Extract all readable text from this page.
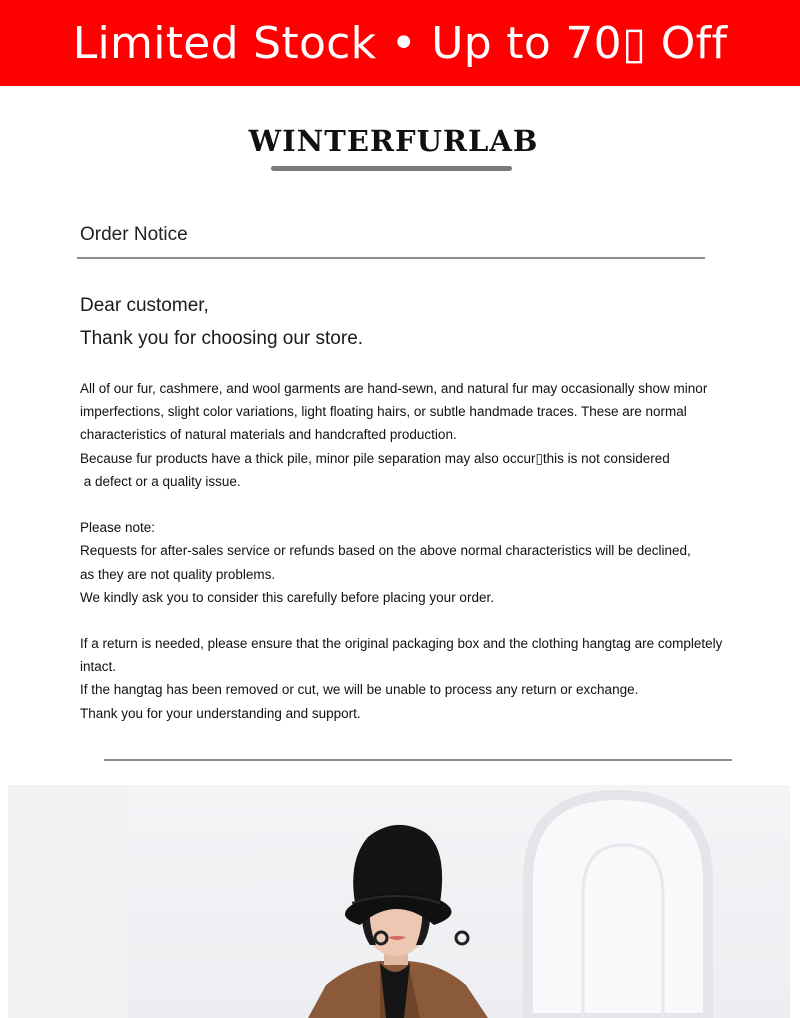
Limited Stock • Up to 70▯ Off
WINTERFURLAB
Order Notice
Dear customer,
Thank you for choosing our store.
All of our fur, cashmere, and wool garments are hand-sewn, and natural fur may occasionally show minor
imperfections, slight color variations, light floating hairs, or subtle handmade traces. These are normal
characteristics of natural materials and handcrafted production.
Because fur products have a thick pile, minor pile separation may also occur▯this is not considered
a defect or a quality issue.
Please note:
Requests for after-sales service or refunds based on the above normal characteristics will be declined,
as they are not quality problems.
We kindly ask you to consider this carefully before placing your order.
If a return is needed, please ensure that the original packaging box and the clothing hangtag are completely
intact.
If the hangtag has been removed or cut, we will be unable to process any return or exchange.
Thank you for your understanding and support.
